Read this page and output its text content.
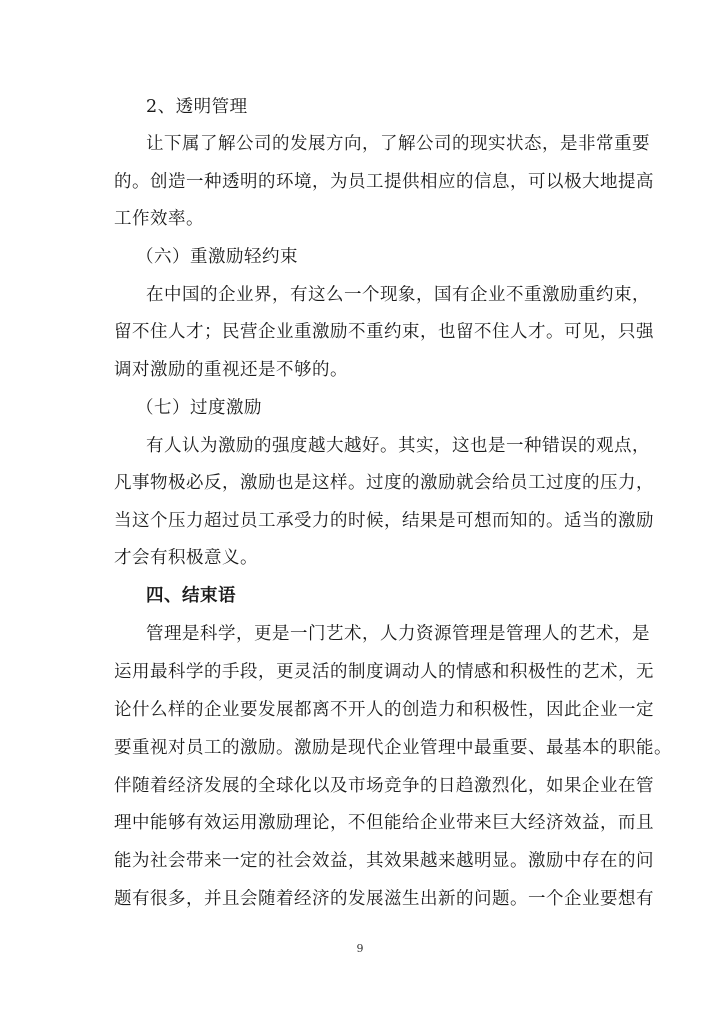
2、透明管理
让下属了解公司的发展方向，了解公司的现实状态，是非常重要
的。创造一种透明的环境，为员工提供相应的信息，可以极大地提高
工作效率。
（六）重激励轻约束
在中国的企业界，有这么一个现象，国有企业不重激励重约束，
留不住人才；民营企业重激励不重约束，也留不住人才。可见，只强
调对激励的重视还是不够的。
（七）过度激励
有人认为激励的强度越大越好。其实，这也是一种错误的观点，
凡事物极必反，激励也是这样。过度的激励就会给员工过度的压力，
当这个压力超过员工承受力的时候，结果是可想而知的。适当的激励
才会有积极意义。
四、结束语
管理是科学，更是一门艺术，人力资源管理是管理人的艺术，是
运用最科学的手段，更灵活的制度调动人的情感和积极性的艺术，无
论什么样的企业要发展都离不开人的创造力和积极性，因此企业一定
要重视对员工的激励。激励是现代企业管理中最重要、最基本的职能。
伴随着经济发展的全球化以及市场竞争的日趋激烈化，如果企业在管
理中能够有效运用激励理论，不但能给企业带来巨大经济效益，而且
能为社会带来一定的社会效益，其效果越来越明显。激励中存在的问
题有很多，并且会随着经济的发展滋生出新的问题。一个企业要想有
9
